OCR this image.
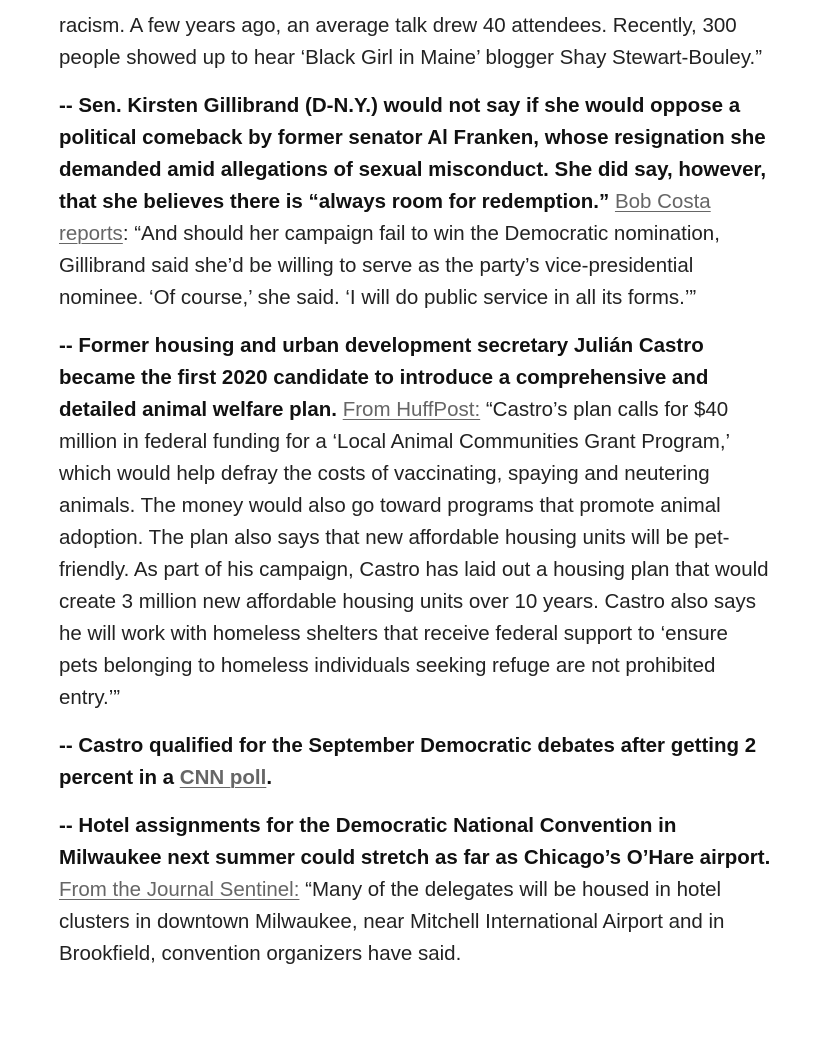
racism. A few years ago, an average talk drew 40 attendees. Recently, 300 people showed up to hear ‘Black Girl in Maine’ blogger Shay Stewart-Bouley.”

-- Sen. Kirsten Gillibrand (D-N.Y.) would not say if she would oppose a political comeback by former senator Al Franken, whose resignation she demanded amid allegations of sexual misconduct. She did say, however, that she believes there is “always room for redemption.” Bob Costa reports: “And should her campaign fail to win the Democratic nomination, Gillibrand said she’d be willing to serve as the party’s vice-presidential nominee. ‘Of course,’ she said. ‘I will do public service in all its forms.’”

-- Former housing and urban development secretary Julián Castro became the first 2020 candidate to introduce a comprehensive and detailed animal welfare plan. From HuffPost: “Castro’s plan calls for $40 million in federal funding for a ‘Local Animal Communities Grant Program,’ which would help defray the costs of vaccinating, spaying and neutering animals. The money would also go toward programs that promote animal adoption. The plan also says that new affordable housing units will be pet-friendly. As part of his campaign, Castro has laid out a housing plan that would create 3 million new affordable housing units over 10 years. Castro also says he will work with homeless shelters that receive federal support to ‘ensure pets belonging to homeless individuals seeking refuge are not prohibited entry.’”

-- Castro qualified for the September Democratic debates after getting 2 percent in a CNN poll.

-- Hotel assignments for the Democratic National Convention in Milwaukee next summer could stretch as far as Chicago’s O’Hare airport. From the Journal Sentinel: “Many of the delegates will be housed in hotel clusters in downtown Milwaukee, near Mitchell International Airport and in Brookfield, convention organizers have said.
